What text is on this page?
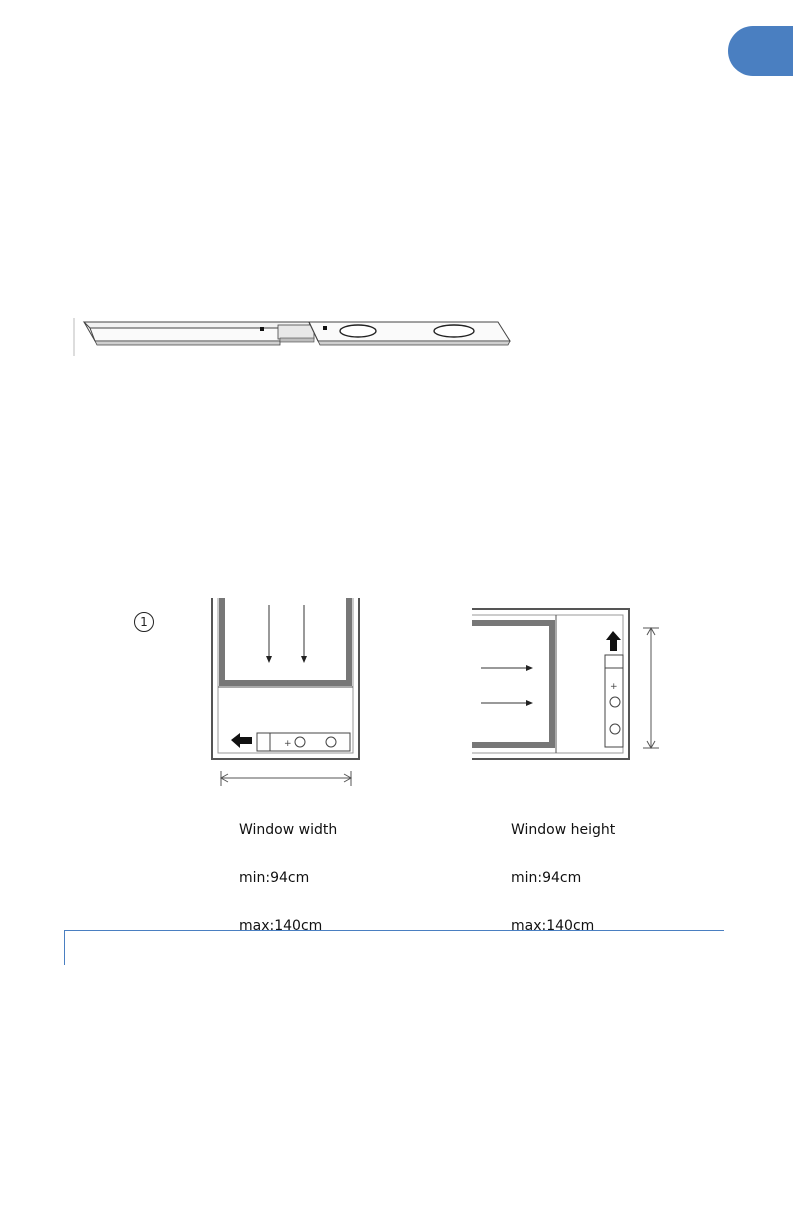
+
+
1

Window width

min:94cm

max:140cm

Window height

min:94cm

max:140cm
